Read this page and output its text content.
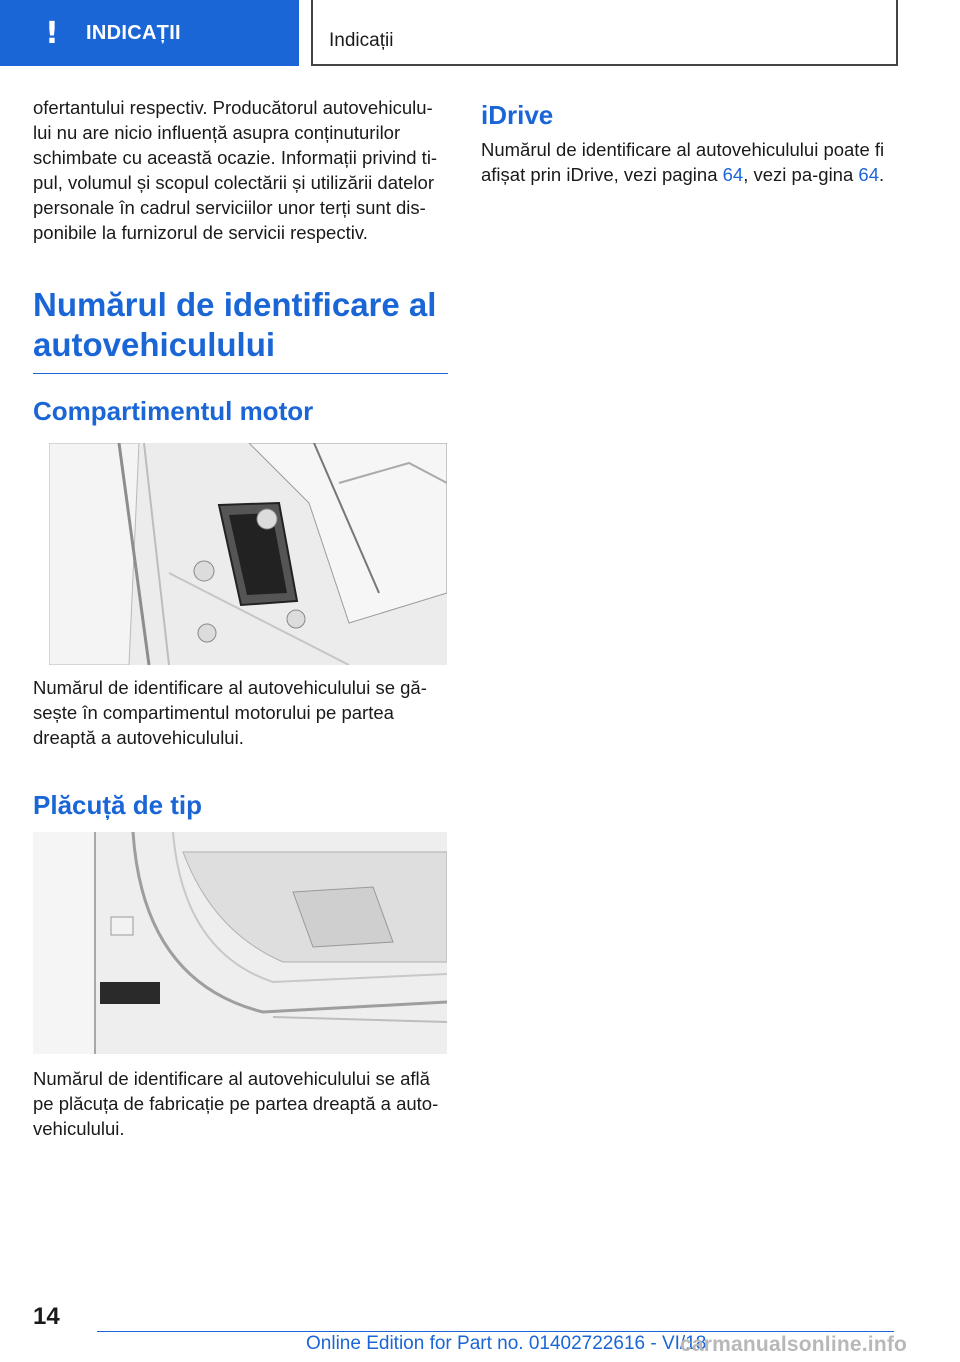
! INDICAȚII	Indicații

ofertantului respectiv. Producătorul autovehiculu-lui nu are nicio influență asupra conținuturilor schimbate cu această ocazie. Informații privind ti-pul, volumul și scopul colectării și utilizării datelor personale în cadrul serviciilor unor terți sunt dis-ponibile la furnizorul de servicii respectiv.

Numărul de identificare al autovehiculului
Compartimentul motor

Numărul de identificare al autovehiculului se gă-sește în compartimentul motorului pe partea dreaptă a autovehiculului.

Plăcuță de tip

Numărul de identificare al autovehiculului se află pe plăcuța de fabricație pe partea dreaptă a auto-vehiculului.

iDrive

Numărul de identificare al autovehiculului poate fi afișat prin iDrive, vezi pagina 64, vezi pa-gina 64.

14
Online Edition for Part no. 01402722616 - VI/18
carmanualsonline.info
